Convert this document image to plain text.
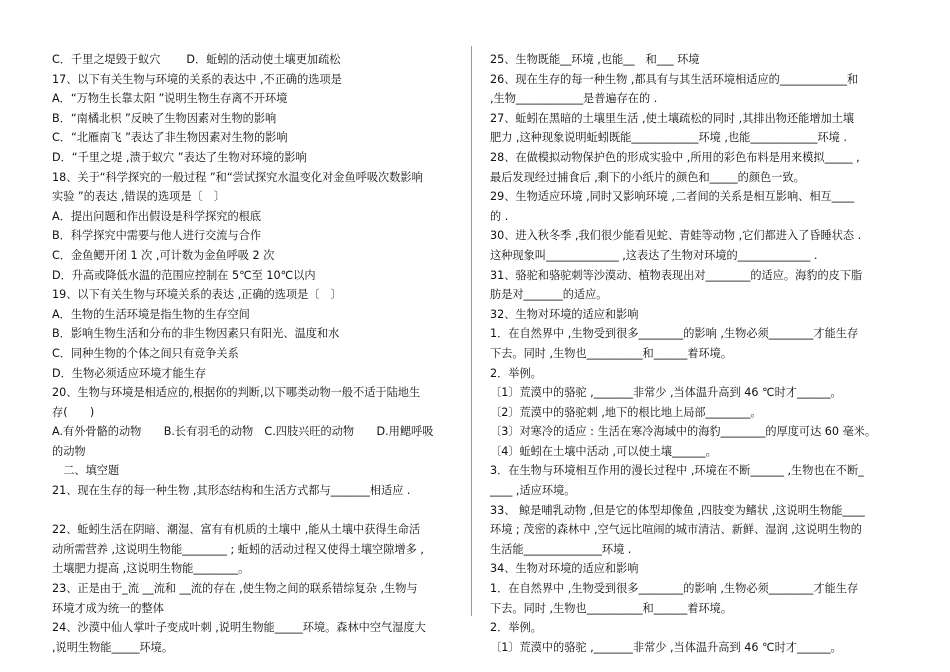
C．千里之堤毁于蚁穴　　 D．蚯蚓的活动使土壤更加疏松
17、以下有关生物与环境的关系的表达中 ,不正确的选项是
A．“万物生长靠太阳 ”说明生物生存离不开环境
B．“南橘北枳 ”反映了生物因素对生物的影响
C．“北雁南飞 ”表达了非生物因素对生物的影响
D．“千里之堤 ,溃于蚁穴 ”表达了生物对环境的影响
18、关于“科学探究的一般过程 ”和“尝试探究水温变化对金鱼呼吸次数影响
实验 ”的表达 ,错误的选项是〔　〕
A．提出问题和作出假设是科学探究的根底
B．科学探究中需要与他人进行交流与合作
C．金鱼鳃开闭 1 次 ,可计数为金鱼呼吸 2 次
D．升高或降低水温的范围应控制在 5℃至 10℃以内
19、以下有关生物与环境关系的表达 ,正确的选项是〔　〕
A．生物的生活环境是指生物的生存空间
B．影响生物生活和分布的非生物因素只有阳光、温度和水
C．同种生物的个体之间只有竞争关系
D．生物必须适应环境才能生存
20、生物与环境是相适应的,根据你的判断,以下哪类动物一般不适于陆地生
存(　　)
A.有外骨骼的动物　　B.长有羽毛的动物　C.四肢兴旺的动物　　D.用鳃呼吸
的动物
　二、填空题
21、现在生存的每一种生物 ,其形态结构和生活方式都与_______相适应 .
22、蚯蚓生活在阴暗、潮湿、富有有机质的土壤中 ,能从土壤中获得生命活
动所需营养 ,这说明生物能________ ; 蚯蚓的活动过程又使得土壤空隙增多 ,
土壤肥力提高 ,这说明生物能________。
23、正是由于_流 __流和 __流的存在 ,使生物之间的联系错综复杂 ,生物与
环境才成为统一的整体
24、沙漠中仙人掌叶子变成叶刺 ,说明生物能_____环境。森林中空气湿度大
,说明生物能_____环境。
25、生物既能__环境 ,也能__　和___ 环境
26、现在生存的每一种生物 ,都具有与其生活环境相适应的____________和
,生物____________是普遍存在的 .
27、蚯蚓在黑暗的土壤里生活 ,使土壤疏松的同时 ,其排出物还能增加土壤
肥力 ,这种现象说明蚯蚓既能____________环境 ,也能____________环境 .
28、在做模拟动物保护色的形成实验中 ,所用的彩色布料是用来模拟_____ ,
最后发现经过捕食后 ,剩下的小纸片的颜色和_____的颜色一致。
29、生物适应环境 ,同时又影响环境 ,二者间的关系是相互影响、相互____
的 .
30、进入秋冬季 ,我们很少能看见蛇、青蛙等动物 ,它们都进入了昏睡状态 .
这种现象叫_____________ ,这表达了生物对环境的_____________ .
31、骆驼和骆驼刺等沙漠动、植物表现出对________的适应。海豹的皮下脂
肪是对_______的适应。
32、生物对环境的适应和影响
1．在自然界中 ,生物受到很多________的影响 ,生物必须________才能生存
下去。同时 ,生物也__________和______着环境。
2．举例。
〔1〕荒漠中的骆驼 ,_______非常少 ,当体温升高到 46 ℃时才______。
〔2〕荒漠中的骆驼刺 ,地下的根比地上局部________。
〔3〕对寒冷的适应 : 生活在寒冷海域中的海豹________的厚度可达 60 毫米。
〔4〕蚯蚓在土壤中活动 ,可以使土壤______。
3．在生物与环境相互作用的漫长过程中 ,环境在不断______ ,生物也在不断_
____ ,适应环境。
33、 鲸是哺乳动物 ,但是它的体型却像鱼 ,四肢变为鳍状 ,这说明生物能____
环境 ; 茂密的森林中 ,空气远比喧闹的城市清洁、新鲜、湿润 ,这说明生物的
生活能______________环境 .
34、生物对环境的适应和影响
1．在自然界中 ,生物受到很多________的影响 ,生物必须________才能生存
下去。同时 ,生物也__________和______着环境。
2．举例。
〔1〕荒漠中的骆驼 ,_______非常少 ,当体温升高到 46 ℃时才______。
